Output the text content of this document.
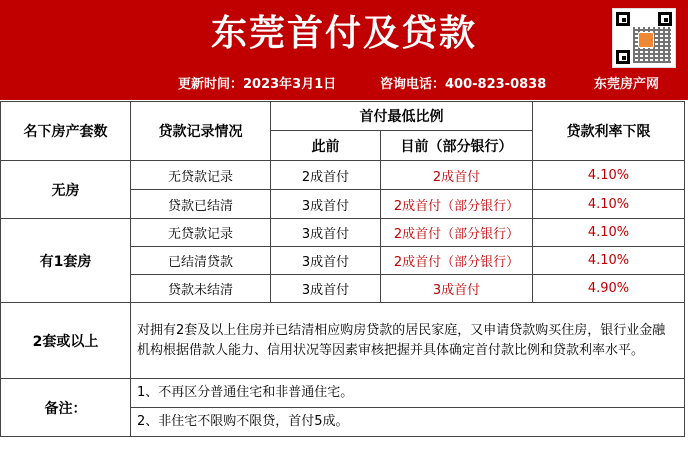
东莞首付及贷款
更新时间：2023年3月1日	咨询电话：400-823-0838	东莞房产网
名下房产套数	贷款记录情况	首付最低比例		贷款利率下限
		此前	目前（部分银行）	
无房	无贷款记录	2成首付	2成首付	4.10%
	贷款已结清	3成首付	2成首付（部分银行）	4.10%
有1套房	无贷款记录	3成首付	2成首付（部分银行）	4.10%
	已结清贷款	3成首付	2成首付（部分银行）	4.10%
	贷款未结清	3成首付	3成首付	4.90%
2套或以上	对拥有2套及以上住房并已结清相应购房贷款的居民家庭，又申请贷款购买住房，银行业金融机构根据借款人能力、信用状况等因素审核把握并具体确定首付款比例和贷款利率水平。			
备注：	1、不再区分普通住宅和非普通住宅。			
	2、非住宅不限购不限贷，首付5成。			
